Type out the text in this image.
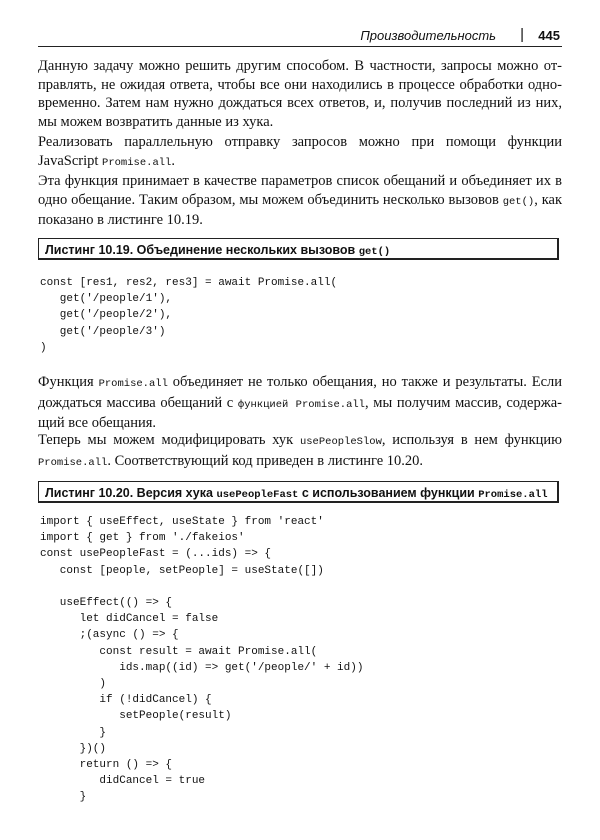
Производительность | 445

Данную задачу можно решить другим способом. В частности, запросы можно от-правлять, не ожидая ответа, чтобы все они находились в процессе обработки одно-временно. Затем нам нужно дождаться всех ответов, и, получив последний из них, мы можем возвратить данные из хука.

Реализовать параллельную отправку запросов можно при помощи функции JavaScript Promise.all.

Эта функция принимает в качестве параметров список обещаний и объединяет их в одно обещание. Таким образом, мы можем объединить несколько вызовов get(), как показано в листинге 10.19.

Листинг 10.19. Объединение нескольких вызовов get()
const [res1, res2, res3] = await Promise.all(
get('/people/1'),
get('/people/2'),
get('/people/3')
)

Функция Promise.all объединяет не только обещания, но также и результаты. Если дождаться массива обещаний с функцией Promise.all, мы получим массив, содержа-щий все обещания.

Теперь мы можем модифицировать хук usePeopleSlow, используя в нем функцию Promise.all. Соответствующий код приведен в листинге 10.20.

Листинг 10.20. Версия хука usePeopleFast с использованием функции Promise.all
import { useEffect, useState } from 'react'
import { get } from './fakeios'
const usePeopleFast = (...ids) => {
const [people, setPeople] = useState([])

useEffect(() => {
let didCancel = false
;(async () => {
const result = await Promise.all(
ids.map((id) => get('/people/' + id))
)
if (!didCancel) {
setPeople(result)
}
})()
return () => {
didCancel = true
}
